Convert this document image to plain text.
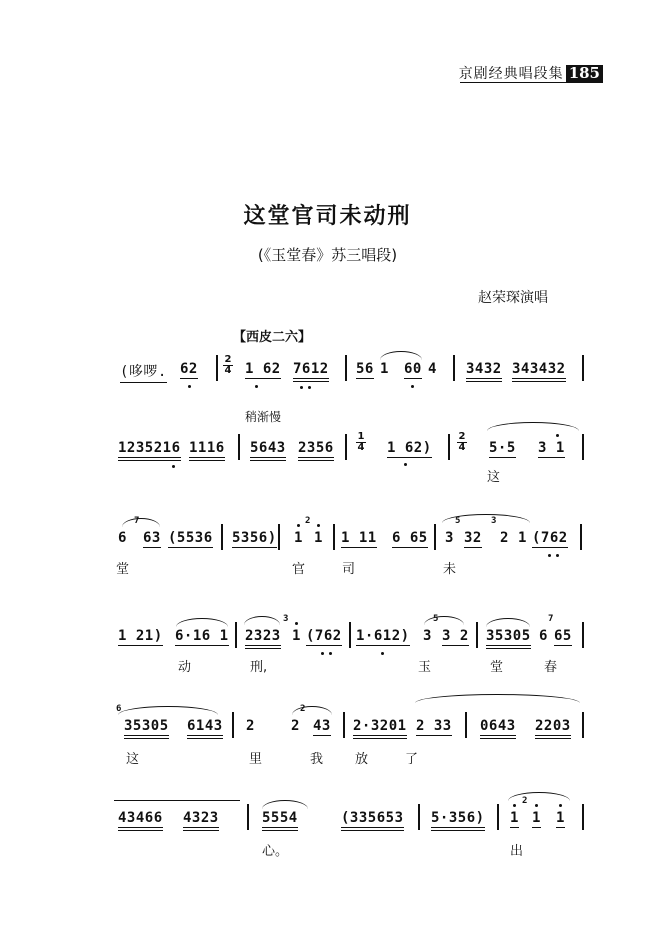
京剧经典唱段集 185
这堂官司未动刑
(《玉堂春》苏三唱段)
赵荣琛演唱
【西皮二六】
稍渐慢
(哆啰. 62
2
4 1 62 7612 56 1 60 4 3432 343432
1235216 1116 5643 2356
1
4 1 62)
2
4 5·5 3 1
这
6
7
63 (5536 5356) 1
2
1 1 11 6 65 3
5
32
3
2 1 (762
堂	官	司	未
1 21) 6·16 1 2323
3
1 (762 1·612) 3
5
3 2 35305 6
7
65
动	刑,	玉	堂	春
6
35305 6143 2	2
2
43 2·3201 2 33 0643 2203
这	里	我 放	了
43466 4323	5554	(335653 5·356) 1
2
1 1
心。	出
